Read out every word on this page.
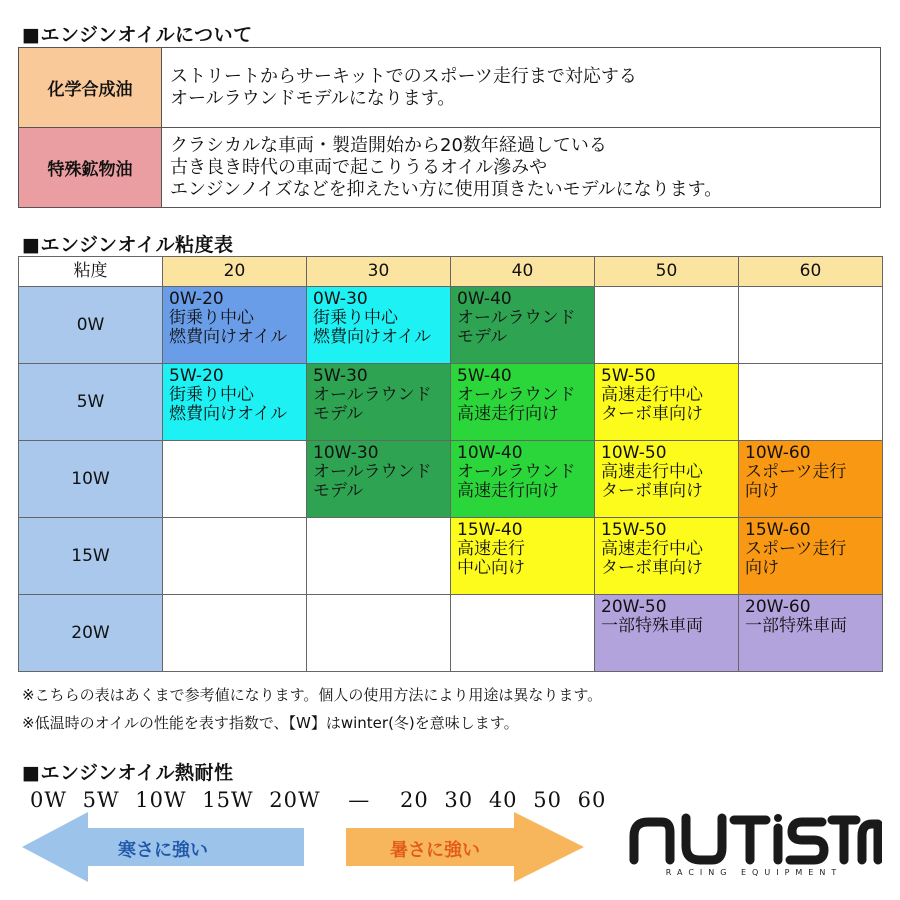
■エンジンオイルについて
化学合成油	ストリートからサーキットでのスポーツ走行まで対応する
オールラウンドモデルになります。

特殊鉱物油	クラシカルな車両・製造開始から20数年経過している
古き良き時代の車両で起こりうるオイル滲みや
エンジンノイズなどを抑えたい方に使用頂きたいモデルになります。
■エンジンオイル粘度表
粘度	20	30	40	50	60
0W	0W-20
街乗り中心
燃費向けオイル	0W-30
街乗り中心
燃費向けオイル	0W-40
オールラウンド
モデル		

5W	5W-20
街乗り中心
燃費向けオイル	5W-30
オールラウンド
モデル	5W-40
オールラウンド
高速走行向け	5W-50
高速走行中心
ターボ車向け	

10W		10W-30
オールラウンド
モデル	10W-40
オールラウンド
高速走行向け	10W-50
高速走行中心
ターボ車向け	10W-60
スポーツ走行
向け

15W			15W-40
高速走行
中心向け	15W-50
高速走行中心
ターボ車向け	15W-60
スポーツ走行
向け

20W				20W-50
一部特殊車両	20W-60
一部特殊車両
※こちらの表はあくまで参考値になります。個人の使用方法により用途は異なります。
※低温時のオイルの性能を表す指数で、【W】はwinter(冬)を意味します。
■エンジンオイル熱耐性
0W 5W 10W 15W 20W — 20 30 40 50 60
寒さに強い	暑さに強い
RACING EQUIPMENT
